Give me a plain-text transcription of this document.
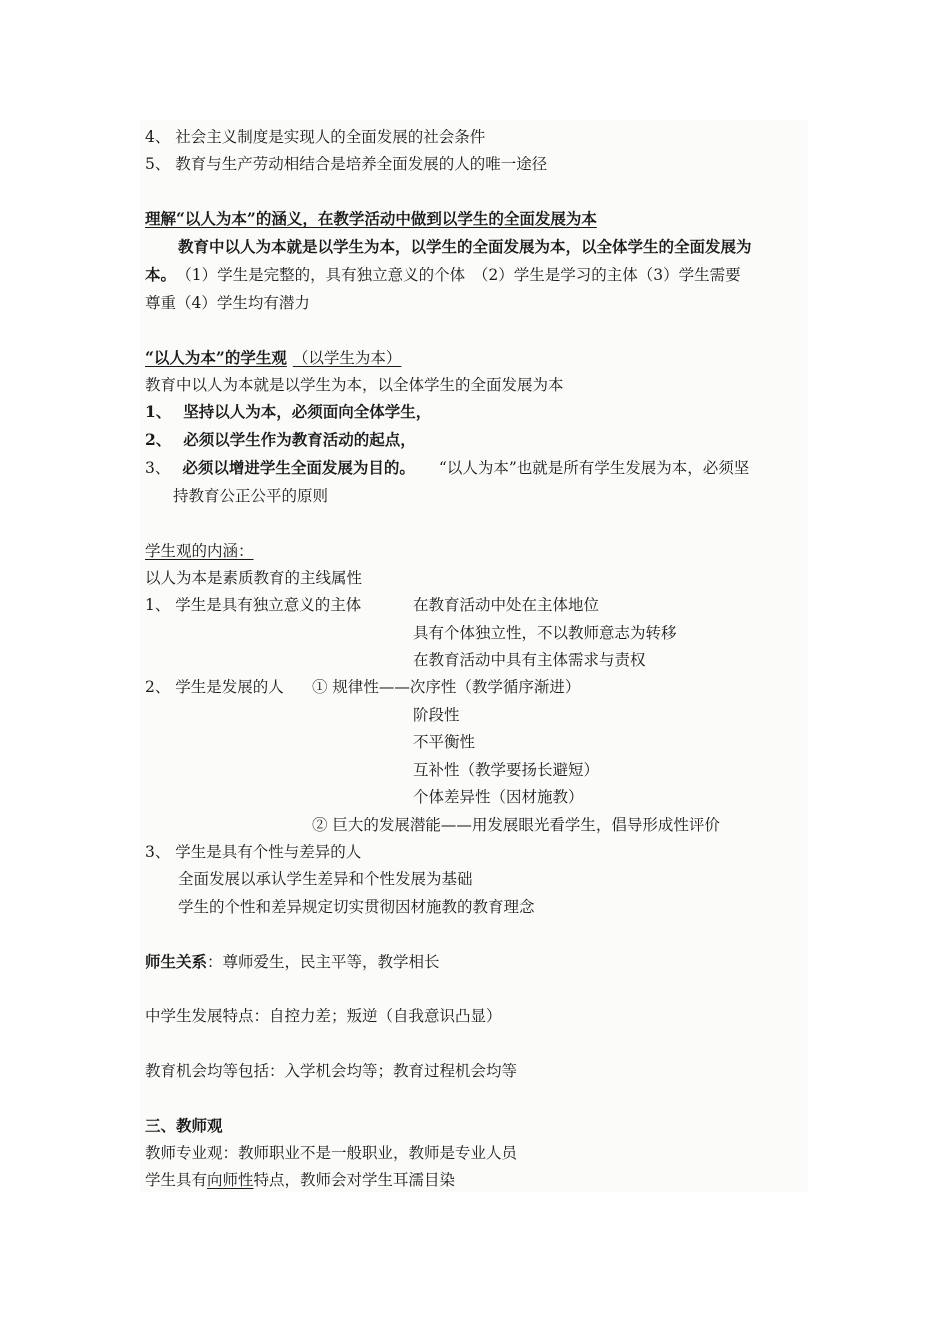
4、 社会主义制度是实现人的全面发展的社会条件
5、 教育与生产劳动相结合是培养全面发展的人的唯一途径
理解“以人为本”的涵义，在教学活动中做到以学生的全面发展为本
教育中以人为本就是以学生为本，以学生的全面发展为本，以全体学生的全面发展为
本。 （1）学生是完整的，具有独立意义的个体　（2）学生是学习的主体（3）学生需要
尊重（4）学生均有潜力
“以人为本”的学生观 （以学生为本）
教育中以人为本就是以学生为本，以全体学生的全面发展为本
1、 坚持以人为本，必须面向全体学生，
2、 必须以学生作为教育活动的起点，
3、 必须以增进学生全面发展为目的。 “以人为本”也就是所有学生发展为本，必须坚
持教育公正公平的原则
学生观的内涵：
以人为本是素质教育的主线属性
1、 学生是具有独立意义的主体	在教育活动中处在主体地位
具有个体独立性，不以教师意志为转移
在教育活动中具有主体需求与责权
2、 学生是发展的人 ① 规律性——次序性（教学循序渐进）
阶段性
不平衡性
互补性（教学要扬长避短）
个体差异性（因材施教）
② 巨大的发展潜能——用发展眼光看学生，倡导形成性评价
3、 学生是具有个性与差异的人
全面发展以承认学生差异和个性发展为基础
学生的个性和差异规定切实贯彻因材施教的教育理念
师生关系：尊师爱生，民主平等，教学相长
中学生发展特点：自控力差；叛逆（自我意识凸显）
教育机会均等包括：入学机会均等；教育过程机会均等
三、教师观
教师专业观：教师职业不是一般职业，教师是专业人员
学生具有向师性特点，教师会对学生耳濡目染
